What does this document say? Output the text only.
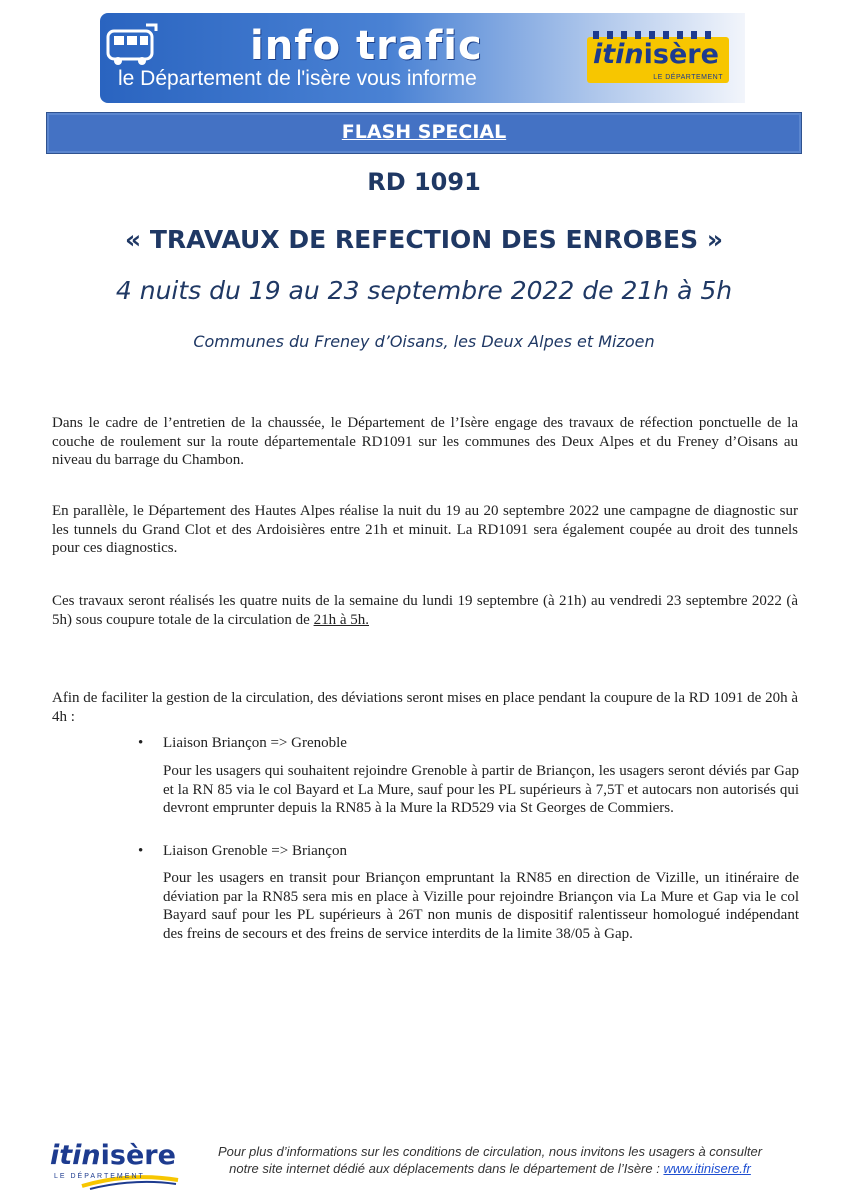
info trafic
le Département de l'isère vous informe
itinisère
LE DÉPARTEMENT
FLASH SPECIAL
RD 1091
« TRAVAUX DE REFECTION DES ENROBES »
4 nuits du 19 au 23 septembre 2022 de 21h à 5h
Communes du Freney d’Oisans, les Deux Alpes et Mizoen

Dans le cadre de l’entretien de la chaussée, le Département de l’Isère engage des travaux de réfection ponctuelle de la couche de roulement sur la route départementale RD1091 sur les communes des Deux Alpes et du Freney d’Oisans au niveau du barrage du Chambon.

En parallèle, le Département des Hautes Alpes réalise la nuit du 19 au 20 septembre 2022 une campagne de diagnostic sur les tunnels du Grand Clot et des Ardoisières entre 21h et minuit. La RD1091 sera également coupée au droit des tunnels pour ces diagnostics.

Ces travaux seront réalisés les quatre nuits de la semaine du lundi 19 septembre (à 21h) au vendredi 23 septembre 2022 (à 5h) sous coupure totale de la circulation de 21h à 5h.

Afin de faciliter la gestion de la circulation, des déviations seront mises en place pendant la coupure de la RD 1091 de 20h à 4h :

• Liaison Briançon => Grenoble

Pour les usagers qui souhaitent rejoindre Grenoble à partir de Briançon, les usagers seront déviés par Gap et la RN 85 via le col Bayard et La Mure, sauf pour les PL supérieurs à 7,5T et autocars non autorisés qui devront emprunter depuis la RN85 à la Mure la RD529 via St Georges de Commiers.

• Liaison Grenoble => Briançon

Pour les usagers en transit pour Briançon empruntant la RN85 en direction de Vizille, un itinéraire de déviation par la RN85 sera mis en place à Vizille pour rejoindre Briançon via La Mure et Gap via le col Bayard sauf pour les PL supérieurs à 26T non munis de dispositif ralentisseur homologué indépendant des freins de secours et des freins de service interdits de la limite 38/05 à Gap.

itinisère
LE DÉPARTEMENT
Pour plus d’informations sur les conditions de circulation, nous invitons les usagers à consulter
notre site internet dédié aux déplacements dans le département de l’Isère : www.itinisere.fr
